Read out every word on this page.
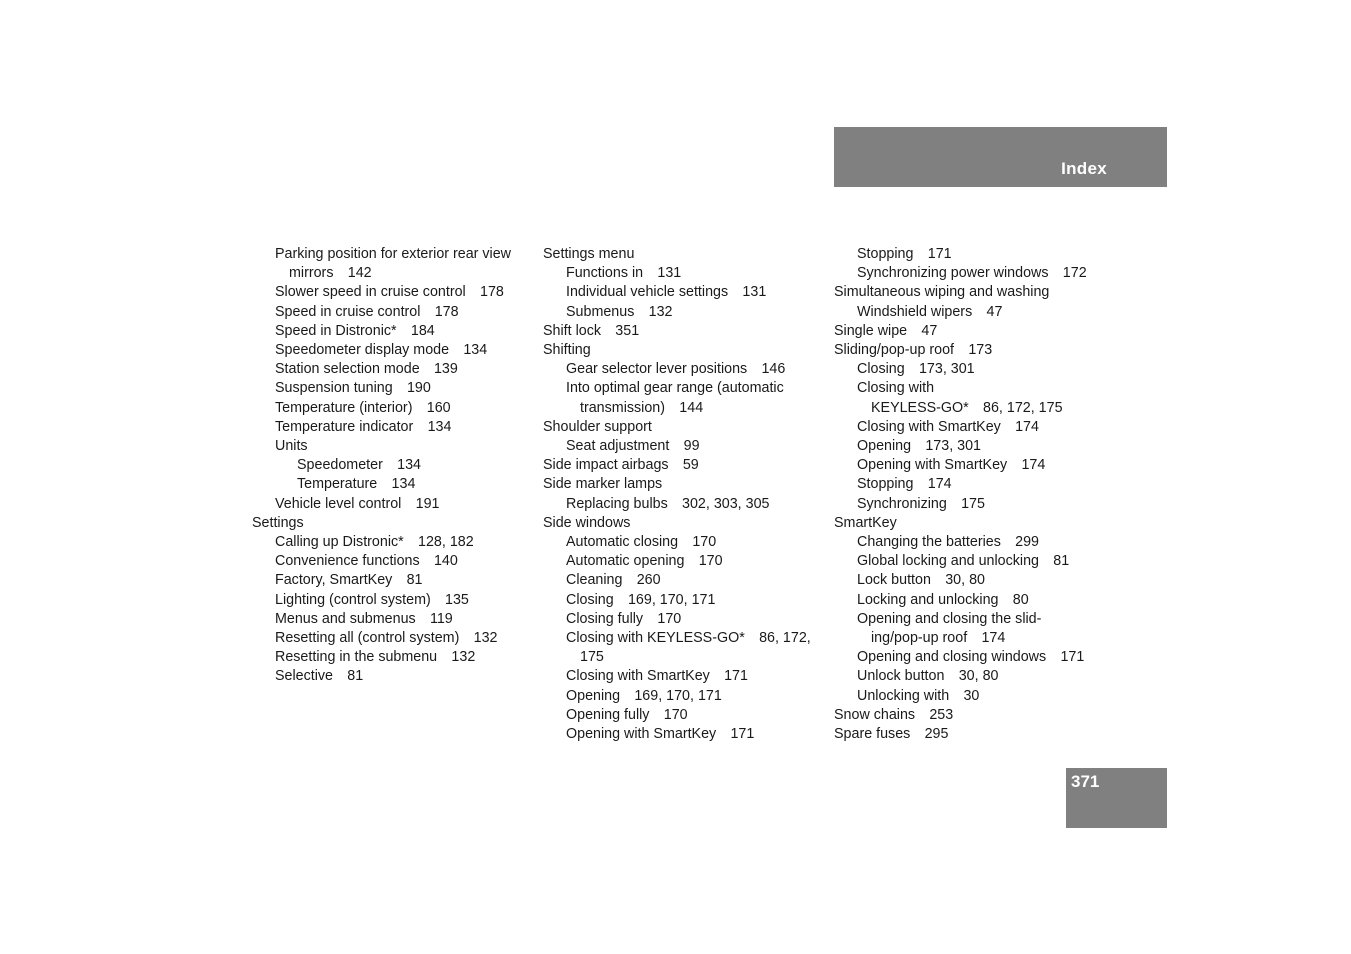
Index
Parking position for exterior rear view
mirrors 142
Slower speed in cruise control 178
Speed in cruise control 178
Speed in Distronic* 184
Speedometer display mode 134
Station selection mode 139
Suspension tuning 190
Temperature (interior) 160
Temperature indicator 134
Units
Speedometer 134
Temperature 134
Vehicle level control 191
Settings
Calling up Distronic* 128, 182
Convenience functions 140
Factory, SmartKey 81
Lighting (control system) 135
Menus and submenus 119
Resetting all (control system) 132
Resetting in the submenu 132
Selective 81
Settings menu
Functions in 131
Individual vehicle settings 131
Submenus 132
Shift lock 351
Shifting
Gear selector lever positions 146
Into optimal gear range (automatic
transmission) 144
Shoulder support
Seat adjustment 99
Side impact airbags 59
Side marker lamps
Replacing bulbs 302, 303, 305
Side windows
Automatic closing 170
Automatic opening 170
Cleaning 260
Closing 169, 170, 171
Closing fully 170
Closing with KEYLESS-GO* 86, 172,
175
Closing with SmartKey 171
Opening 169, 170, 171
Opening fully 170
Opening with SmartKey 171
Stopping 171
Synchronizing power windows 172
Simultaneous wiping and washing
Windshield wipers 47
Single wipe 47
Sliding/pop-up roof 173
Closing 173, 301
Closing with
KEYLESS-GO* 86, 172, 175
Closing with SmartKey 174
Opening 173, 301
Opening with SmartKey 174
Stopping 174
Synchronizing 175
SmartKey
Changing the batteries 299
Global locking and unlocking 81
Lock button 30, 80
Locking and unlocking 80
Opening and closing the slid-
ing/pop-up roof 174
Opening and closing windows 171
Unlock button 30, 80
Unlocking with 30
Snow chains 253
Spare fuses 295
371
